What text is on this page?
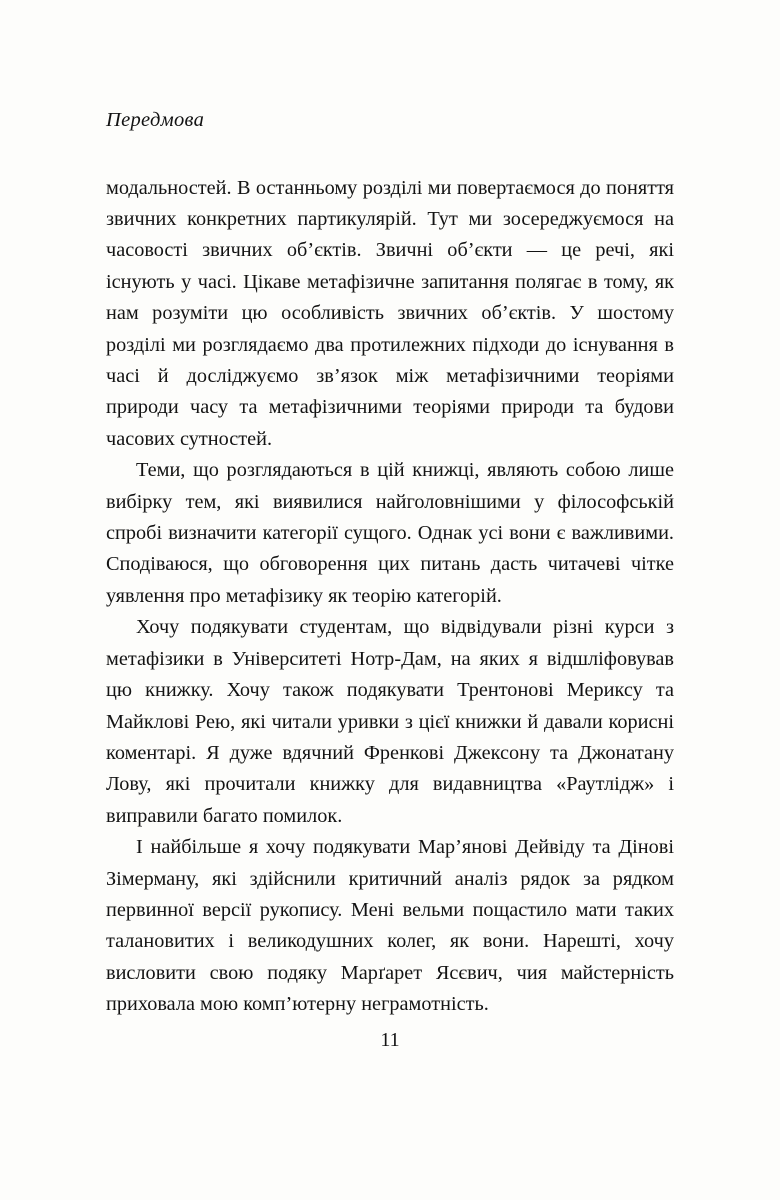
Передмова

модальностей. В останньому розділі ми повертаємося до поняття звичних конкретних партикулярій. Тут ми зосереджуємося на часовості звичних об’єктів. Звичні об’єкти — це речі, які існують у часі. Цікаве метафізичне запитання полягає в тому, як нам розуміти цю особливість звичних об’єктів. У шостому розділі ми розглядаємо два протилежних підходи до існування в часі й досліджуємо зв’язок між метафізичними теоріями природи часу та метафізичними теоріями природи та будови часових сутностей.

Теми, що розглядаються в цій книжці, являють собою лише вибірку тем, які виявилися найголовнішими у філософській спробі визначити категорії сущого. Однак усі вони є важливими. Сподіваюся, що обговорення цих питань дасть читачеві чітке уявлення про метафізику як теорію категорій.

Хочу подякувати студентам, що відвідували різні курси з метафізики в Університеті Нотр-Дам, на яких я відшліфовував цю книжку. Хочу також подякувати Трентонові Мериксу та Майклові Рею, які читали уривки з цієї книжки й давали корисні коментарі. Я дуже вдячний Френкові Джексону та Джонатану Лову, які прочитали книжку для видавництва «Раутлідж» і виправили багато помилок.

І найбільше я хочу подякувати Мар’янові Дейвіду та Дінові Зімерману, які здійснили критичний аналіз рядок за рядком первинної версії рукопису. Мені вельми пощастило мати таких талановитих і великодушних колег, як вони. Нарешті, хочу висловити свою подяку Марґарет Ясєвич, чия майстерність приховала мою комп’ютерну неграмотність.

11
